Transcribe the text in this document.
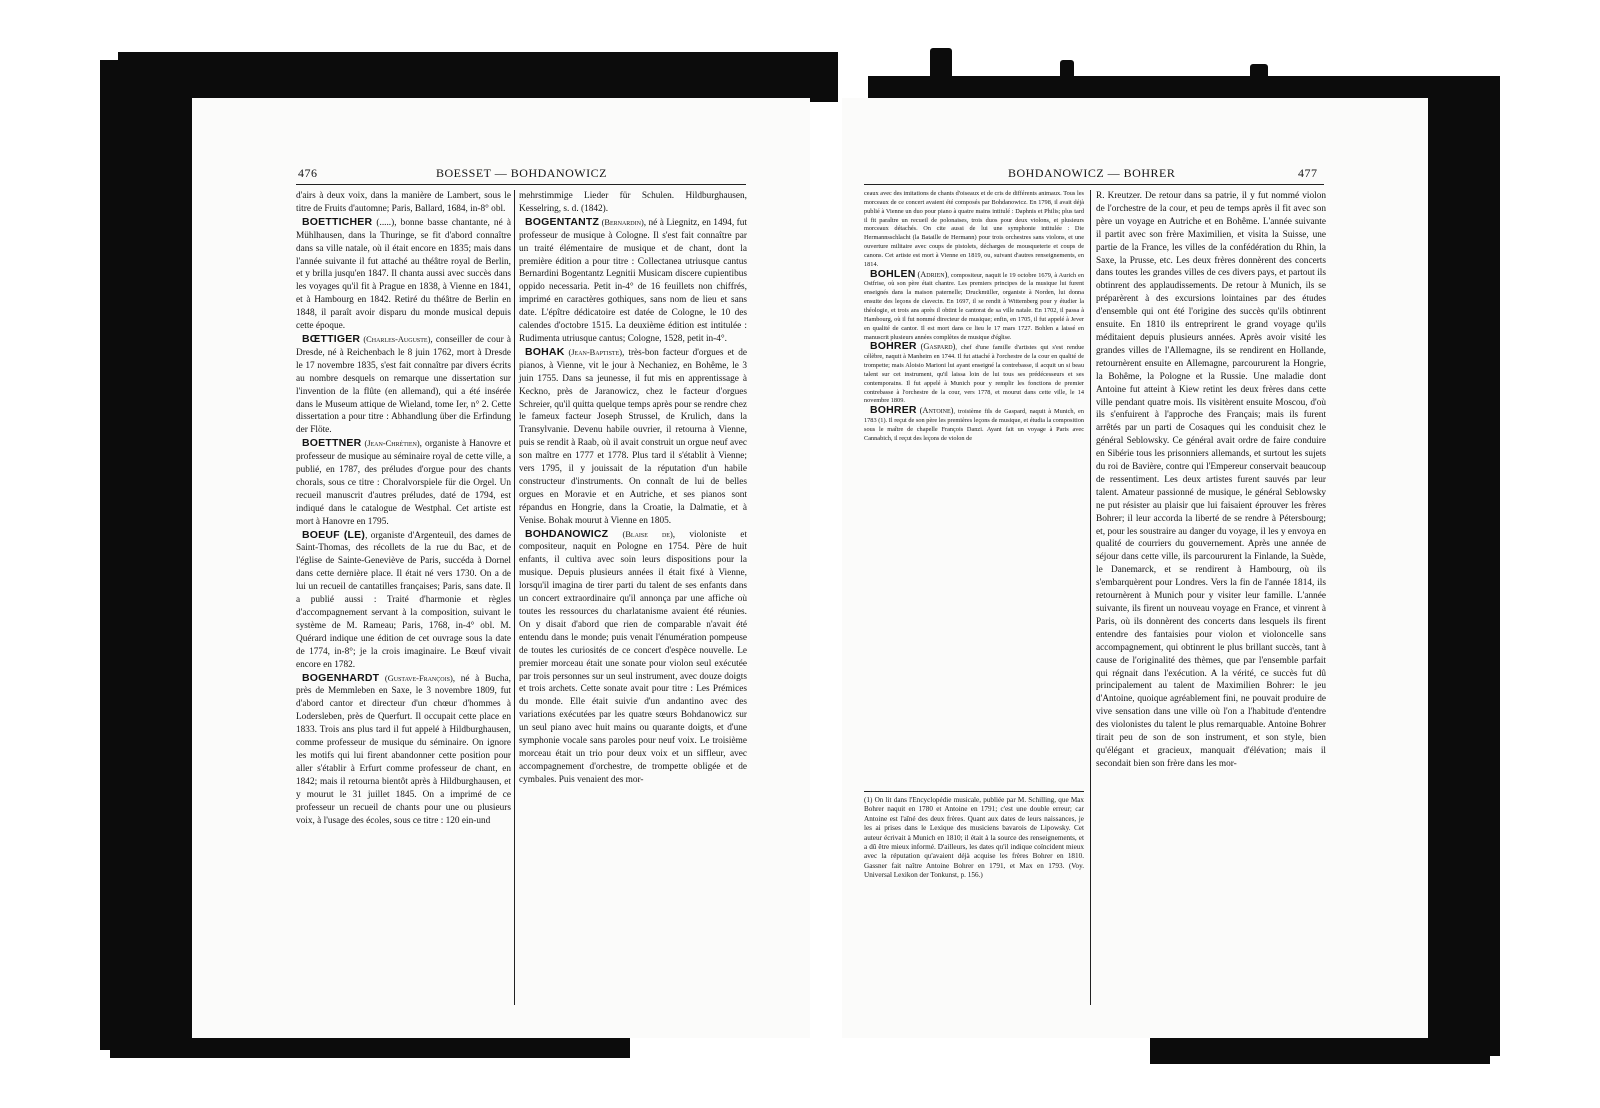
476	BOESSET — BOHDANOWICZ

d'airs à deux voix, dans la manière de Lambert, sous le titre de Fruits d'automne; Paris, Ballard, 1684, in-8° obl.

BOETTICHER (.....), bonne basse chantante, né à Mühlhausen, dans la Thuringe, se fit d'abord connaître dans sa ville natale, où il était encore en 1835; mais dans l'année suivante il fut attaché au théâtre royal de Berlin, et y brilla jusqu'en 1847. Il chanta aussi avec succès dans les voyages qu'il fit à Prague en 1838, à Vienne en 1841, et à Hambourg en 1842. Retiré du théâtre de Berlin en 1848, il paraît avoir disparu du monde musical depuis cette époque.

BŒTTIGER (Charles-Auguste), conseiller de cour à Dresde, né à Reichenbach le 8 juin 1762, mort à Dresde le 17 novembre 1835, s'est fait connaître par divers écrits au nombre desquels on remarque une dissertation sur l'invention de la flûte (en allemand), qui a été insérée dans le Museum attique de Wieland, tome Ier, n° 2. Cette dissertation a pour titre : Abhandlung über die Erfindung der Flöte.

BOETTNER (Jean-Chrétien), organiste à Hanovre et professeur de musique au séminaire royal de cette ville, a publié, en 1787, des préludes d'orgue pour des chants chorals, sous ce titre : Choralvorspiele für die Orgel. Un recueil manuscrit d'autres préludes, daté de 1794, est indiqué dans le catalogue de Westphal. Cet artiste est mort à Hanovre en 1795.

BOEUF (LE), organiste d'Argenteuil, des dames de Saint-Thomas, des récollets de la rue du Bac, et de l'église de Sainte-Geneviève de Paris, succéda à Dornel dans cette dernière place. Il était né vers 1730. On a de lui un recueil de cantatilles françaises; Paris, sans date. Il a publié aussi : Traité d'harmonie et règles d'accompagnement servant à la composition, suivant le système de M. Rameau; Paris, 1768, in-4° obl. M. Quérard indique une édition de cet ouvrage sous la date de 1774, in-8°; je la crois imaginaire. Le Bœuf vivait encore en 1782.

BOGENHARDT (Gustave-François), né à Bucha, près de Memmleben en Saxe, le 3 novembre 1809, fut d'abord cantor et directeur d'un chœur d'hommes à Lodersleben, près de Querfurt. Il occupait cette place en 1833. Trois ans plus tard il fut appelé à Hildburghausen, comme professeur de musique du séminaire. On ignore les motifs qui lui firent abandonner cette position pour aller s'établir à Erfurt comme professeur de chant, en 1842; mais il retourna bientôt après à Hildburghausen, et y mourut le 31 juillet 1845. On a imprimé de ce professeur un recueil de chants pour une ou plusieurs voix, à l'usage des écoles, sous ce titre : 120 ein-und

mehrstimmige Lieder für Schulen. Hildburghausen, Kesselring, s. d. (1842).

BOGENTANTZ (Bernardin), né à Liegnitz, en 1494, fut professeur de musique à Cologne. Il s'est fait connaître par un traité élémentaire de musique et de chant, dont la première édition a pour titre : Collectanea utriusque cantus Bernardini Bogentantz Legnitii Musicam discere cupientibus oppido necessaria. Petit in-4° de 16 feuillets non chiffrés, imprimé en caractères gothiques, sans nom de lieu et sans date. L'épître dédicatoire est datée de Cologne, le 10 des calendes d'octobre 1515. La deuxième édition est intitulée : Rudimenta utriusque cantus; Cologne, 1528, petit in-4°.

BOHAK (Jean-Baptiste), très-bon facteur d'orgues et de pianos, à Vienne, vit le jour à Nechaniez, en Bohême, le 3 juin 1755. Dans sa jeunesse, il fut mis en apprentissage à Keckno, près de Jaranowicz, chez le facteur d'orgues Schreier, qu'il quitta quelque temps après pour se rendre chez le fameux facteur Joseph Strussel, de Krulich, dans la Transylvanie. Devenu habile ouvrier, il retourna à Vienne, puis se rendit à Raab, où il avait construit un orgue neuf avec son maître en 1777 et 1778. Plus tard il s'établit à Vienne; vers 1795, il y jouissait de la réputation d'un habile constructeur d'instruments. On connaît de lui de belles orgues en Moravie et en Autriche, et ses pianos sont répandus en Hongrie, dans la Croatie, la Dalmatie, et à Venise. Bohak mourut à Vienne en 1805.

BOHDANOWICZ (Blaise de), violoniste et compositeur, naquit en Pologne en 1754. Père de huit enfants, il cultiva avec soin leurs dispositions pour la musique. Depuis plusieurs années il était fixé à Vienne, lorsqu'il imagina de tirer parti du talent de ses enfants dans un concert extraordinaire qu'il annonça par une affiche où toutes les ressources du charlatanisme avaient été réunies. On y disait d'abord que rien de comparable n'avait été entendu dans le monde; puis venait l'énumération pompeuse de toutes les curiosités de ce concert d'espèce nouvelle. Le premier morceau était une sonate pour violon seul exécutée par trois personnes sur un seul instrument, avec douze doigts et trois archets. Cette sonate avait pour titre : Les Prémices du monde. Elle était suivie d'un andantino avec des variations exécutées par les quatre sœurs Bohdanowicz sur un seul piano avec huit mains ou quarante doigts, et d'une symphonie vocale sans paroles pour neuf voix. Le troisième morceau était un trio pour deux voix et un siffleur, avec accompagnement d'orchestre, de trompette obligée et de cymbales. Puis venaient des mor-

BOHDANOWICZ — BOHRER	477

ceaux avec des imitations de chants d'oiseaux et de cris de différents animaux. Tous les morceaux de ce concert avaient été composés par Bohdanowicz. En 1798, il avait déjà publié à Vienne un duo pour piano à quatre mains intitulé : Daphnis et Philis; plus tard il fit paraître un recueil de polonaises, trois duos pour deux violons, et plusieurs morceaux détachés. On cite aussi de lui une symphonie intitulée : Die Hermannsschlacht (la Bataille de Hermann) pour trois orchestres sans violons, et une ouverture militaire avec coups de pistolets, décharges de mousqueterie et coups de canons. Cet artiste est mort à Vienne en 1819, ou, suivant d'autres renseignements, en 1814.

BOHLEN (Adrien), compositeur, naquit le 19 octobre 1679, à Aurich en Ostfrise, où son père était chantre. Les premiers principes de la musique lui furent enseignés dans la maison paternelle; Druckmüller, organiste à Norden, lui donna ensuite des leçons de clavecin. En 1697, il se rendit à Wittemberg pour y étudier la théologie, et trois ans après il obtint le cantorat de sa ville natale. En 1702, il passa à Hambourg, où il fut nommé directeur de musique; enfin, en 1705, il fut appelé à Jever en qualité de cantor. Il est mort dans ce lieu le 17 mars 1727. Bohlen a laissé en manuscrit plusieurs années complètes de musique d'église.

BOHRER (Gaspard), chef d'une famille d'artistes qui s'est rendue célèbre, naquit à Manheim en 1744. Il fut attaché à l'orchestre de la cour en qualité de trompette; mais Aloisio Marioni lui ayant enseigné la contrebasse, il acquit un si beau talent sur cet instrument, qu'il laissa loin de lui tous ses prédécesseurs et ses contemporains. Il fut appelé à Munich pour y remplir les fonctions de premier contrebasse à l'orchestre de la cour, vers 1778, et mourut dans cette ville, le 14 novembre 1809.

BOHRER (Antoine), troisième fils de Gaspard, naquit à Munich, en 1783 (1). Il reçut de son père les premières leçons de musique, et étudia la composition sous le maître de chapelle François Danzi. Ayant fait un voyage à Paris avec Cannabich, il reçut des leçons de violon de

(1) On lit dans l'Encyclopédie musicale, publiée par M. Schilling, que Max Bohrer naquit en 1780 et Antoine en 1791; c'est une double erreur; car Antoine est l'aîné des deux frères. Quant aux dates de leurs naissances, je les ai prises dans le Lexique des musiciens bavarois de Lipowsky. Cet auteur écrivait à Munich en 1810; il était à la source des renseignements, et a dû être mieux informé. D'ailleurs, les dates qu'il indique coïncident mieux avec la réputation qu'avaient déjà acquise les frères Bohrer en 1810. Gassner fait naître Antoine Bohrer en 1791, et Max en 1793. (Voy. Universal Lexikon der Tonkunst, p. 156.)

R. Kreutzer. De retour dans sa patrie, il y fut nommé violon de l'orchestre de la cour, et peu de temps après il fit avec son père un voyage en Autriche et en Bohême. L'année suivante il partit avec son frère Maximilien, et visita la Suisse, une partie de la France, les villes de la confédération du Rhin, la Saxe, la Prusse, etc. Les deux frères donnèrent des concerts dans toutes les grandes villes de ces divers pays, et partout ils obtinrent des applaudissements. De retour à Munich, ils se préparèrent à des excursions lointaines par des études d'ensemble qui ont été l'origine des succès qu'ils obtinrent ensuite. En 1810 ils entreprirent le grand voyage qu'ils méditaient depuis plusieurs années. Après avoir visité les grandes villes de l'Allemagne, ils se rendirent en Hollande, retournèrent ensuite en Allemagne, parcoururent la Hongrie, la Bohême, la Pologne et la Russie. Une maladie dont Antoine fut atteint à Kiew retint les deux frères dans cette ville pendant quatre mois. Ils visitèrent ensuite Moscou, d'où ils s'enfuirent à l'approche des Français; mais ils furent arrêtés par un parti de Cosaques qui les conduisit chez le général Seblowsky. Ce général avait ordre de faire conduire en Sibérie tous les prisonniers allemands, et surtout les sujets du roi de Bavière, contre qui l'Empereur conservait beaucoup de ressentiment. Les deux artistes furent sauvés par leur talent. Amateur passionné de musique, le général Seblowsky ne put résister au plaisir que lui faisaient éprouver les frères Bohrer; il leur accorda la liberté de se rendre à Pétersbourg; et, pour les soustraire au danger du voyage, il les y envoya en qualité de courriers du gouvernement. Après une année de séjour dans cette ville, ils parcoururent la Finlande, la Suède, le Danemarck, et se rendirent à Hambourg, où ils s'embarquèrent pour Londres. Vers la fin de l'année 1814, ils retournèrent à Munich pour y visiter leur famille. L'année suivante, ils firent un nouveau voyage en France, et vinrent à Paris, où ils donnèrent des concerts dans lesquels ils firent entendre des fantaisies pour violon et violoncelle sans accompagnement, qui obtinrent le plus brillant succès, tant à cause de l'originalité des thèmes, que par l'ensemble parfait qui régnait dans l'exécution. A la vérité, ce succès fut dû principalement au talent de Maximilien Bohrer: le jeu d'Antoine, quoique agréablement fini, ne pouvait produire de vive sensation dans une ville où l'on a l'habitude d'entendre des violonistes du talent le plus remarquable. Antoine Bohrer tirait peu de son de son instrument, et son style, bien qu'élégant et gracieux, manquait d'élévation; mais il secondait bien son frère dans les mor-
